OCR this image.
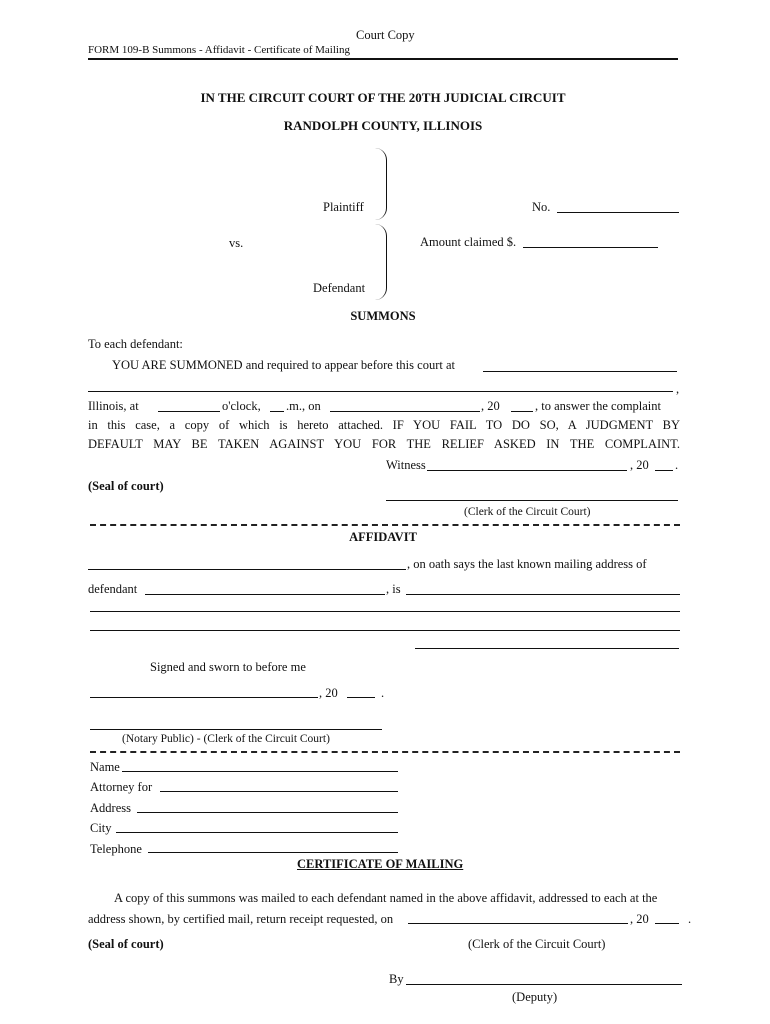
Court Copy
FORM 109-B Summons - Affidavit - Certificate of Mailing
IN THE CIRCUIT COURT OF THE 20TH JUDICIAL CIRCUIT
RANDOLPH COUNTY, ILLINOIS
Plaintiff
vs.
Defendant
No.
Amount claimed $.
SUMMONS
To each defendant:
YOU ARE SUMMONED and required to appear before this court at
,
Illinois, at	o'clock, .m., on	, 20	, to answer the complaint
in this case, a copy of which is hereto attached. IF YOU FAIL TO DO SO, A JUDGMENT BY
DEFAULT MAY BE TAKEN AGAINST YOU FOR THE RELIEF ASKED IN THE COMPLAINT.
Witness	, 20 .
(Seal of court)
(Clerk of the Circuit Court)
AFFIDAVIT
, on oath says the last known mailing address of
defendant	, is
Signed and sworn to before me
, 20	.
(Notary Public) - (Clerk of the Circuit Court)
Name
Attorney for
Address
City
Telephone
CERTIFICATE OF MAILING
A copy of this summons was mailed to each defendant named in the above affidavit, addressed to each at the
address shown, by certified mail, return receipt requested, on	, 20	.
(Seal of court)	(Clerk of the Circuit Court)
By
(Deputy)
